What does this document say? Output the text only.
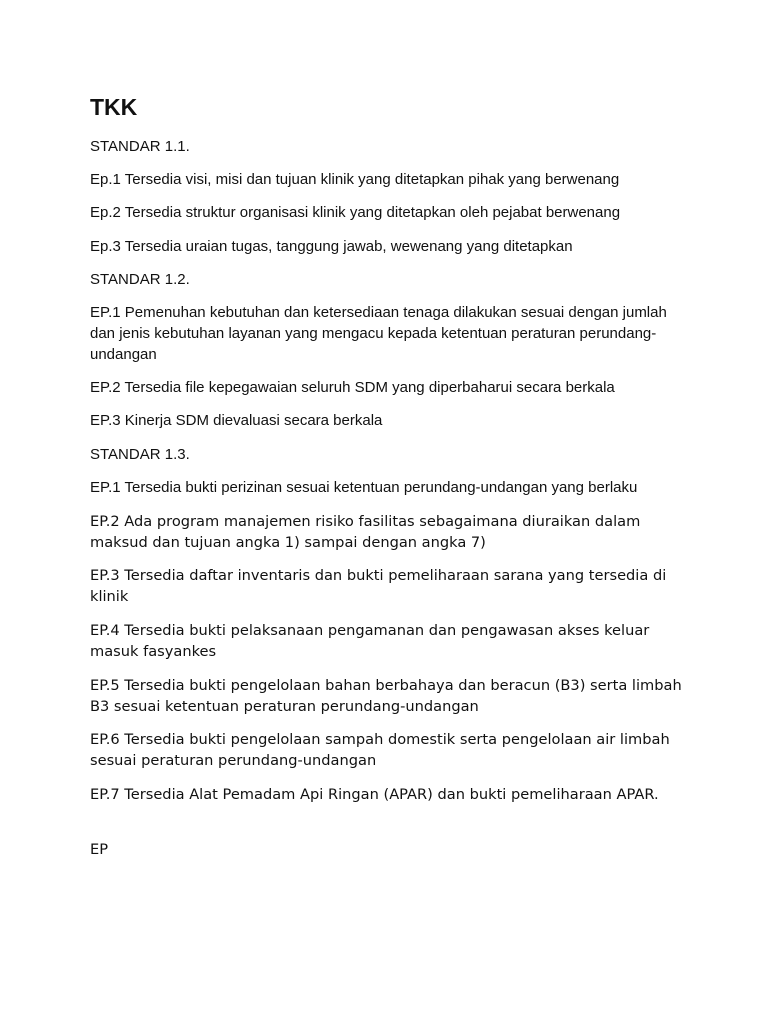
TKK

STANDAR 1.1.

Ep.1 Tersedia visi, misi dan tujuan klinik yang ditetapkan pihak yang berwenang

Ep.2 Tersedia struktur organisasi klinik yang ditetapkan oleh pejabat berwenang

Ep.3 Tersedia uraian tugas, tanggung jawab, wewenang yang ditetapkan

STANDAR 1.2.

EP.1 Pemenuhan kebutuhan dan ketersediaan tenaga dilakukan sesuai dengan jumlah dan jenis kebutuhan layanan yang mengacu kepada ketentuan peraturan perundang-undangan

EP.2 Tersedia file kepegawaian seluruh SDM yang diperbaharui secara berkala

EP.3 Kinerja SDM dievaluasi secara berkala

STANDAR 1.3.

EP.1 Tersedia bukti perizinan sesuai ketentuan perundang-undangan yang berlaku

EP.2 Ada program manajemen risiko fasilitas sebagaimana diuraikan dalam maksud dan tujuan angka 1) sampai dengan angka 7)

EP.3 Tersedia daftar inventaris dan bukti pemeliharaan sarana yang tersedia di klinik

EP.4 Tersedia bukti pelaksanaan pengamanan dan pengawasan akses keluar masuk fasyankes

EP.5 Tersedia bukti pengelolaan bahan berbahaya dan beracun (B3) serta limbah B3 sesuai ketentuan peraturan perundang-undangan

EP.6 Tersedia bukti pengelolaan sampah domestik serta pengelolaan air limbah sesuai peraturan perundang-undangan

EP.7 Tersedia Alat Pemadam Api Ringan (APAR) dan bukti pemeliharaan APAR.

EP
